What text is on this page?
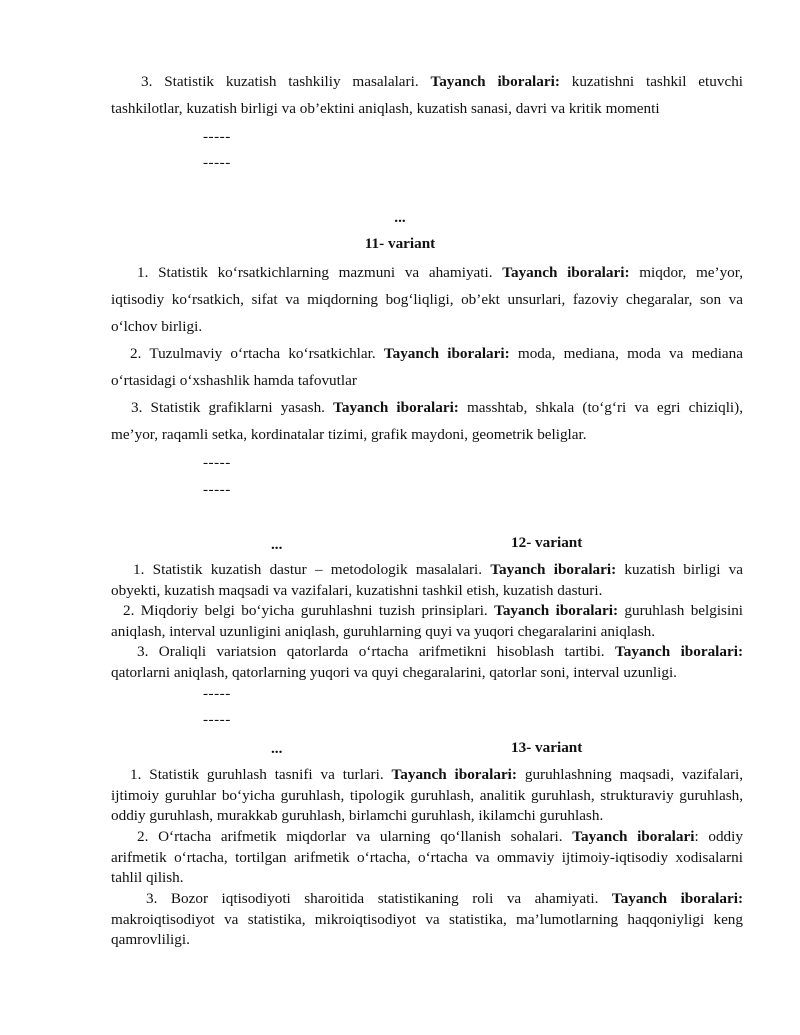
3. Statistik kuzatish tashkiliy masalalari. Tayanch iboralari: kuzatishni tashkil etuvchi tashkilotlar, kuzatish birligi va ob’ektini aniqlash, kuzatish sanasi, davri va kritik momenti
-----
-----
...
11- variant
1. Statistik ko‘rsatkichlarning mazmuni va ahamiyati. Tayanch iboralari: miqdor, me’yor, iqtisodiy ko‘rsatkich, sifat va miqdorning bog‘liqligi, ob’ekt unsurlari, fazoviy chegaralar, son va o‘lchov birligi.
2. Tuzulmaviy o‘rtacha ko‘rsatkichlar. Tayanch iboralari: moda, mediana, moda va mediana o‘rtasidagi o‘xshashlik hamda tafovutlar
3. Statistik grafiklarni yasash. Tayanch iboralari: masshtab, shkala (to‘g‘ri va egri chiziqli), me’yor, raqamli setka, kordinatalar tizimi, grafik maydoni, geometrik beliglar.
-----
-----
...	12- variant
1. Statistik kuzatish dastur – metodologik masalalari. Tayanch iboralari: kuzatish birligi va obyekti, kuzatish maqsadi va vazifalari, kuzatishni tashkil etish, kuzatish dasturi.
2. Miqdoriy belgi bo‘yicha guruhlashni tuzish prinsiplari. Tayanch iboralari: guruhlash belgisini aniqlash, interval uzunligini aniqlash, guruhlarning quyi va yuqori chegaralarini aniqlash.
3. Oraliqli variatsion qatorlarda o‘rtacha arifmetikni hisoblash tartibi. Tayanch iboralari: qatorlarni aniqlash, qatorlarning yuqori va quyi chegaralarini, qatorlar soni, interval uzunligi.
-----
-----
...	13- variant
1. Statistik guruhlash tasnifi va turlari. Tayanch iboralari: guruhlashning maqsadi, vazifalari, ijtimoiy guruhlar bo‘yicha guruhlash, tipologik guruhlash, analitik guruhlash, strukturaviy guruhlash, oddiy guruhlash, murakkab guruhlash, birlamchi guruhlash, ikilamchi guruhlash.
2. O‘rtacha arifmetik miqdorlar va ularning qo‘llanish sohalari. Tayanch iboralari: oddiy arifmetik o‘rtacha, tortilgan arifmetik o‘rtacha, o‘rtacha va ommaviy ijtimoiy-iqtisodiy xodisalarni tahlil qilish.
3. Bozor iqtisodiyoti sharoitida statistikaning roli va ahamiyati. Tayanch iboralari: makroiqtisodiyot va statistika, mikroiqtisodiyot va statistika, ma’lumotlarning haqqoniyligi keng qamrovliligi.
